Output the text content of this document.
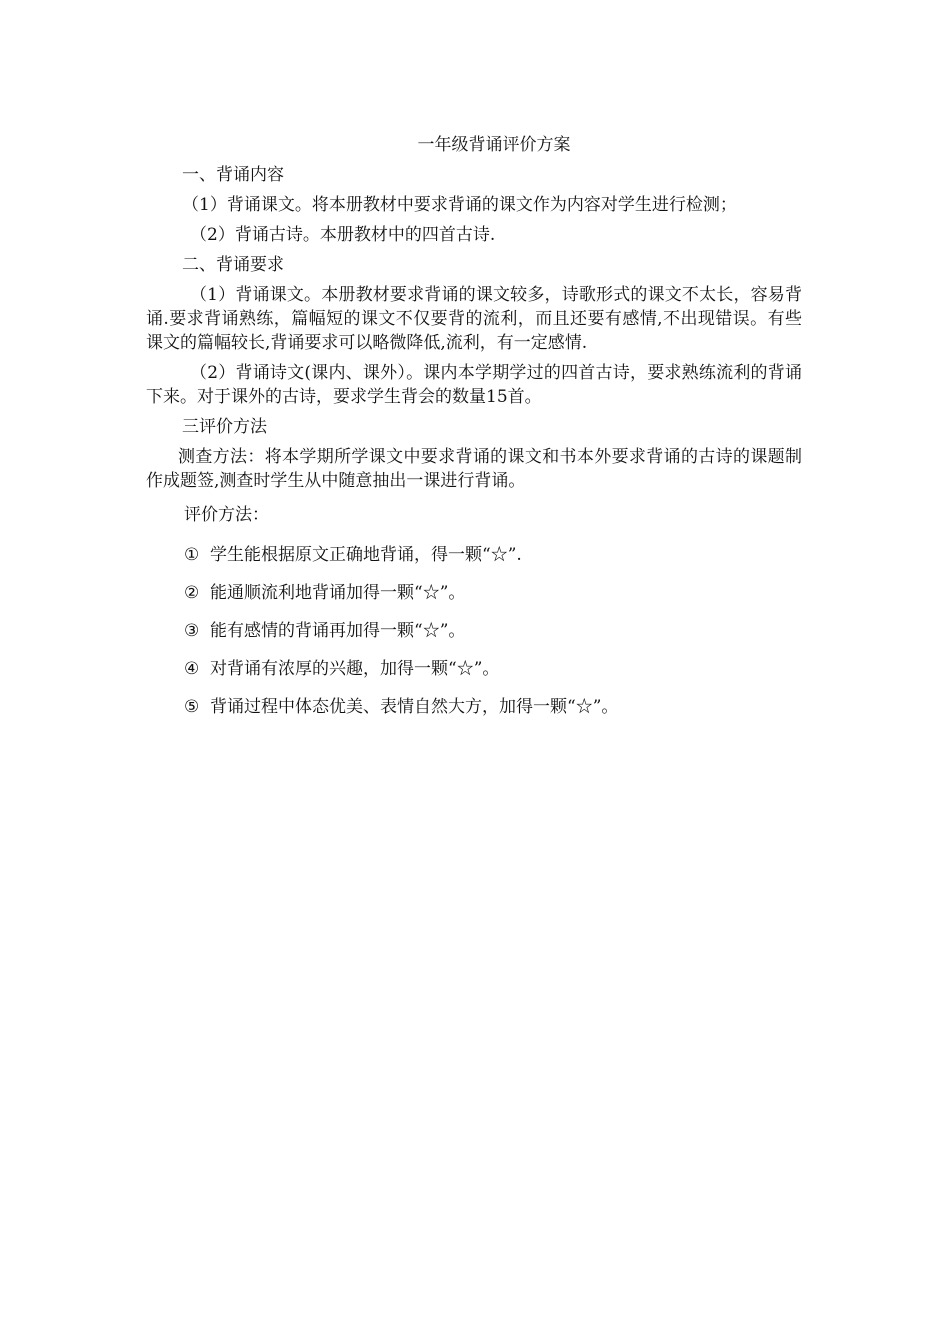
一年级背诵评价方案
一、背诵内容
（1）背诵课文。将本册教材中要求背诵的课文作为内容对学生进行检测；
（2）背诵古诗。本册教材中的四首古诗.
二、背诵要求
（1）背诵课文。本册教材要求背诵的课文较多，诗歌形式的课文不太长，容易背诵.要求背诵熟练，篇幅短的课文不仅要背的流利，而且还要有感情,不出现错误。有些课文的篇幅较长,背诵要求可以略微降低,流利，有一定感情.
（2）背诵诗文(课内、课外）。课内本学期学过的四首古诗，要求熟练流利的背诵下来。对于课外的古诗，要求学生背会的数量15首。
三评价方法
测查方法：将本学期所学课文中要求背诵的课文和书本外要求背诵的古诗的课题制作成题签,测查时学生从中随意抽出一课进行背诵。
评价方法：
① 学生能根据原文正确地背诵，得一颗“☆”.
② 能通顺流利地背诵加得一颗“☆”。
③ 能有感情的背诵再加得一颗“☆”。
④ 对背诵有浓厚的兴趣，加得一颗“☆”。
⑤ 背诵过程中体态优美、表情自然大方，加得一颗“☆”。
